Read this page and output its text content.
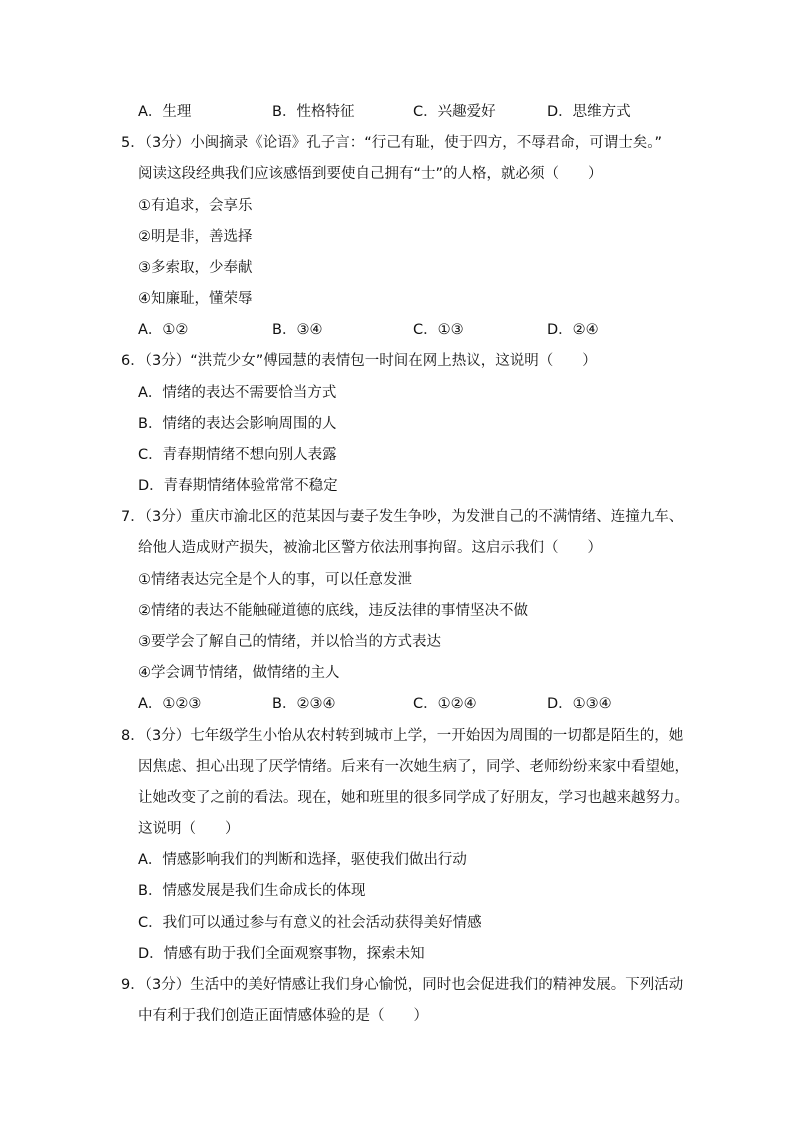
A．生理	B．性格特征	C．兴趣爱好	D．思维方式
5．（3分）小闽摘录《论语》孔子言：“行己有耻，使于四方，不辱君命，可谓士矣。”
阅读这段经典我们应该感悟到要使自己拥有“士”的人格，就必须（　　）
①有追求，会享乐
②明是非，善选择
③多索取，少奉献
④知廉耻，懂荣辱
A．①②	B．③④	C．①③	D．②④
6．（3分）“洪荒少女”傅园慧的表情包一时间在网上热议，这说明（　　）
A．情绪的表达不需要恰当方式
B．情绪的表达会影响周围的人
C．青春期情绪不想向别人表露
D．青春期情绪体验常常不稳定
7．（3分）重庆市渝北区的范某因与妻子发生争吵，为发泄自己的不满情绪、连撞九车、
给他人造成财产损失，被渝北区警方依法刑事拘留。这启示我们（　　）
①情绪表达完全是个人的事，可以任意发泄
②情绪的表达不能触碰道德的底线，违反法律的事情坚决不做
③要学会了解自己的情绪，并以恰当的方式表达
④学会调节情绪，做情绪的主人
A．①②③	B．②③④	C．①②④	D．①③④
8．（3分）七年级学生小怡从农村转到城市上学，一开始因为周围的一切都是陌生的，她
因焦虑、担心出现了厌学情绪。后来有一次她生病了，同学、老师纷纷来家中看望她，
让她改变了之前的看法。现在，她和班里的很多同学成了好朋友，学习也越来越努力。
这说明（　　）
A．情感影响我们的判断和选择，驱使我们做出行动
B．情感发展是我们生命成长的体现
C．我们可以通过参与有意义的社会活动获得美好情感
D．情感有助于我们全面观察事物，探索未知
9．（3分）生活中的美好情感让我们身心愉悦，同时也会促进我们的精神发展。下列活动
中有利于我们创造正面情感体验的是（　　）
